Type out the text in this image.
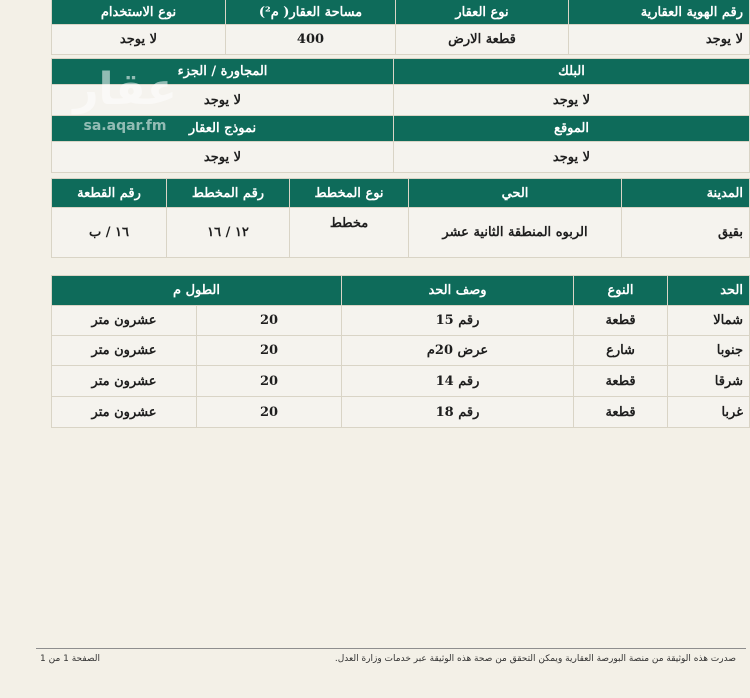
رقم الهوية العقارية	نوع العقار	مساحة العقار( م²)	نوع الاستخدام
لا يوجد	قطعة الارض	400	لا يوجد
البلك	المجاورة / الجزء
لا يوجد	لا يوجد
الموقع	نموذج العقار
لا يوجد	لا يوجد
المدينة	الحي	نوع المخطط	رقم المخطط	رقم القطعة
بقيق	الربوه المنطقة الثانية عشر	مخطط	١٢ / ١٦	١٦ / ب
الحد	النوع	وصف الحد	الطول م	
شمالا	قطعة	رقم 15	20	عشرون متر
جنوبا	شارع	عرض 20م	20	عشرون متر
شرقا	قطعة	رقم 14	20	عشرون متر
غربا	قطعة	رقم 18	20	عشرون متر
عقار
sa.aqar.fm
صدرت هذه الوثيقة من منصة البورصة العقارية ويمكن التحقق من صحة هذه الوثيقة عبر خدمات وزارة العدل.
الصفحة 1 من 1
